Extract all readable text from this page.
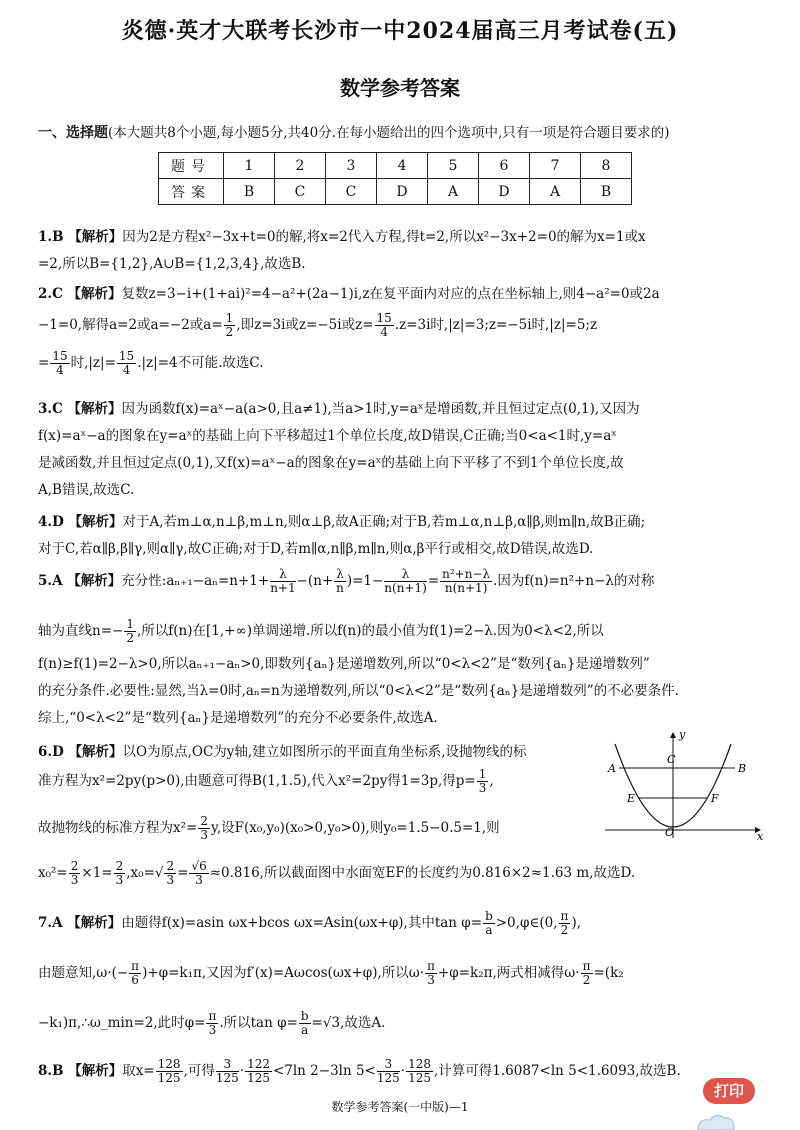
炎德·英才大联考长沙市一中2024届高三月考试卷(五)
数学参考答案
一、选择题(本大题共8个小题,每小题5分,共40分.在每小题给出的四个选项中,只有一项是符合题目要求的)
题号	1	2	3	4	5	6	7	8
答案	B	C	C	D	A	D	A	B
1.B 【解析】因为2是方程x²−3x+t=0的解,将x=2代入方程,得t=2,所以x²−3x+2=0的解为x=1或x
=2,所以B={1,2},A∪B={1,2,3,4},故选B.
2.C 【解析】复数z=3−i+(1+ai)²=4−a²+(2a−1)i,z在复平面内对应的点在坐标轴上,则4−a²=0或2a
−1=0,解得a=2或a=−2或$a= \frac{1}{2}$ ,即z=3i或z=−5i或$z= \frac{15}{4} .z=3i$时,|z|=3;z=−5i时,|z|=5;z
= $\frac{15}{4}$ 时$,|z|= \frac{15}{4} .|z|=4$不可能.故选C.
3.C 【解析】因为函数f(x)=aˣ−a(a>0,且a≠1),当a>1时,y=aˣ是增函数,并且恒过定点(0,1),又因为
f(x)=aˣ−a的图象在y=aˣ的基础上向下平移超过1个单位长度,故D错误,C正确;当0<a<1时,y=aˣ
是减函数,并且恒过定点(0,1),又f(x)=aˣ−a的图象在y=aˣ的基础上向下平移了不到1个单位长度,故
A,B错误,故选C.
4.D 【解析】对于A,若m⊥α,n⊥β,m⊥n,则α⊥β,故A正确;对于B,若m⊥α,n⊥β,α∥β,则m∥n,故B正确;
对于C,若α∥β,β∥γ,则α∥γ,故C正确;对于D,若m∥α,n∥β,m∥n,则α,β平行或相交,故D错误,故选D.
5.A 【解析】充分性:aₙ₊₁−aₙ=n+1+ $\frac{\lambda}{n+1} -(n+ \frac{\lambda}{n} )=1- \frac{\lambda}{n(n+1)} = \frac{\text{n²+n−λ}}{n(n+1)}$ .因为f(n)=n²+n−λ的对称
轴为直线$n=- \frac{1}{2}$ ,所以f(n)在[1,+∞)单调递增.所以f(n)的最小值为f(1)=2−λ.因为0<λ<2,所以
f(n)≥f(1)=2−λ>0,所以aₙ₊₁−aₙ>0,即数列{aₙ}是递增数列,所以“0<λ<2”是“数列{aₙ}是递增数列”
的充分条件.必要性:显然,当λ=0时,aₙ=n为递增数列,所以“0<λ<2”是“数列{aₙ}是递增数列”的不必要条件.
综上,“0<λ<2”是“数列{aₙ}是递增数列”的充分不必要条件,故选A.
6.D 【解析】以O为原点,OC为y轴,建立如图所示的平面直角坐标系,设抛物线的标
准方程为x²=2py(p>0),由题意可得B(1,1.5),代入x²=2py得1=3p,得$p= \frac{1}{3}$ ,
故抛物线的标准方程为$x^2= \frac{2}{3} y$,设F(x₀,y₀)(x₀>0,y₀>0),则y₀=1.5−0.5=1,则
$x_0^2= \frac{2}{3} \times 1= \frac{2}{3} ,x_0=√ \frac{2}{3} = \frac{√6}{3} \approx 0.816$,所以截面图中水面宽EF的长度约为0.816×2≈1.63 m,故选D.
y
x
O
C
A	B
E	F
7.A 【解析】由题得f(x)=asin ωx+bcos ωx=Asin(ωx+φ),其中$\tan \varphi= \frac{b}{a}$ >0,φ∈(0, $\frac{\pi}{2}$ ),
由题意知$,\omega\cdot(- \frac{\pi}{6} )+\varphi=k_1\pi$,又因为f′(x)=Aωcos(ωx+φ),所以$\omega\cdot \frac{\pi}{3} +\varphi=k_2\pi$,两式相减得$\omega\cdot \frac{\pi}{2} =(k_2$
−k₁)π,∴ω_min=2,此时$\varphi= \frac{\pi}{3}$ .所以$\tan \varphi= \frac{b}{a} =√3$,故选A.
8.B 【解析】取$x= \frac{128}{125}$ ,可得 $\frac{3}{125} \cdot \frac{122}{125} <7\ln$ 2−3ln $5< \frac{3}{125} \cdot \frac{128}{125}$ ,计算可得1.6087<ln 5<1.6093,故选B.
数学参考答案(一中版)—1
打印
